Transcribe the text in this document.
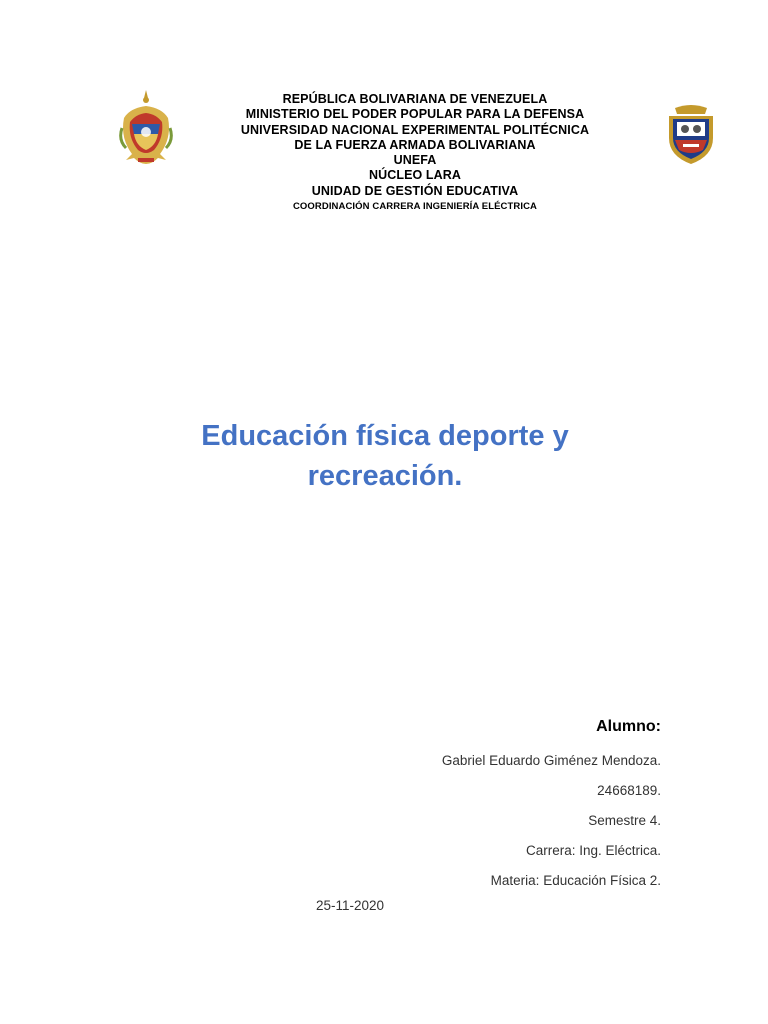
REPÚBLICA BOLIVARIANA DE VENEZUELA
MINISTERIO DEL PODER POPULAR PARA LA DEFENSA
UNIVERSIDAD NACIONAL EXPERIMENTAL POLITÉCNICA
DE LA FUERZA ARMADA BOLIVARIANA
UNEFA
NÚCLEO LARA
UNIDAD DE GESTIÓN EDUCATIVA
COORDINACIÓN CARRERA INGENIERÍA ELÉCTRICA
Educación física deporte y
recreación.
Alumno:
Gabriel Eduardo Giménez Mendoza.
24668189.
Semestre 4.
Carrera: Ing. Eléctrica.
Materia: Educación Física 2.
25-11-2020
